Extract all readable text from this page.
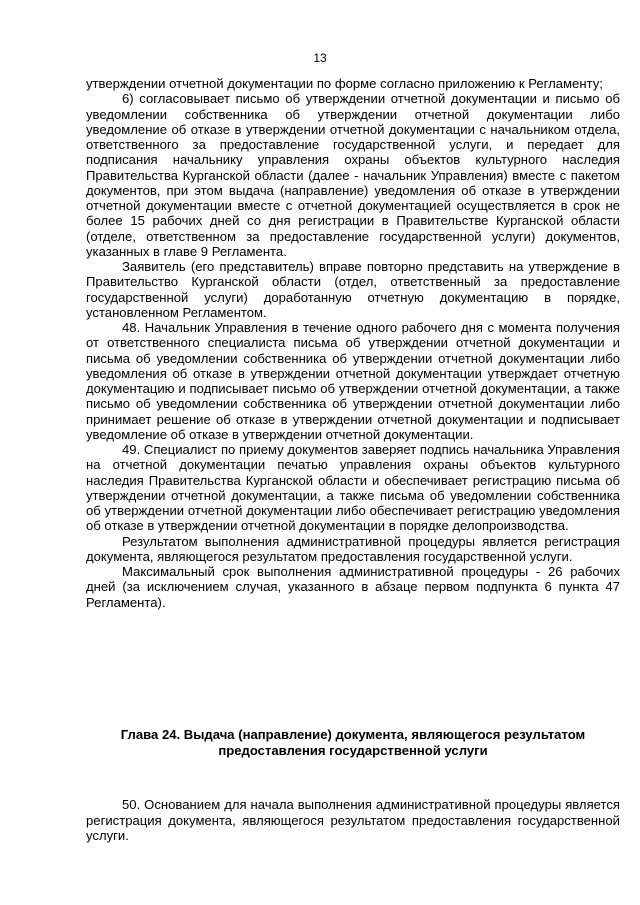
13

утверждении отчетной документации по форме согласно приложению к Регламенту;

6) согласовывает письмо об утверждении отчетной документации и письмо об уведомлении собственника об утверждении отчетной документации либо уведомление об отказе в утверждении отчетной документации с начальником отдела, ответственного за предоставление государственной услуги, и передает для подписания начальнику управления охраны объектов культурного наследия Правительства Курганской области (далее - начальник Управления) вместе с пакетом документов, при этом выдача (направление) уведомления об отказе в утверждении отчетной документации вместе с отчетной документацией осуществляется в срок не более 15 рабочих дней со дня регистрации в Правительстве Курганской области (отделе, ответственном за предоставление государственной услуги) документов, указанных в главе 9 Регламента.

Заявитель (его представитель) вправе повторно представить на утверждение в Правительство Курганской области (отдел, ответственный за предоставление государственной услуги) доработанную отчетную документацию в порядке, установленном Регламентом.

48. Начальник Управления в течение одного рабочего дня с момента получения от ответственного специалиста письма об утверждении отчетной документации и письма об уведомлении собственника об утверждении отчетной документации либо уведомления об отказе в утверждении отчетной документации утверждает отчетную документацию и подписывает письмо об утверждении отчетной документации, а также письмо об уведомлении собственника об утверждении отчетной документации либо принимает решение об отказе в утверждении отчетной документации и подписывает уведомление об отказе в утверждении отчетной документации.

49. Специалист по приему документов заверяет подпись начальника Управления на отчетной документации печатью управления охраны объектов культурного наследия Правительства Курганской области и обеспечивает регистрацию письма об утверждении отчетной документации, а также письма об уведомлении собственника об утверждении отчетной документации либо обеспечивает регистрацию уведомления об отказе в утверждении отчетной документации в порядке делопроизводства.

Результатом выполнения административной процедуры является регистрация документа, являющегося результатом предоставления государственной услуги.

Максимальный срок выполнения административной процедуры - 26 рабочих дней (за исключением случая, указанного в абзаце первом подпункта 6 пункта 47 Регламента).

Глава 24. Выдача (направление) документа, являющегося результатом
предоставления государственной услуги

50. Основанием для начала выполнения административной процедуры является регистрация документа, являющегося результатом предоставления государственной услуги.
